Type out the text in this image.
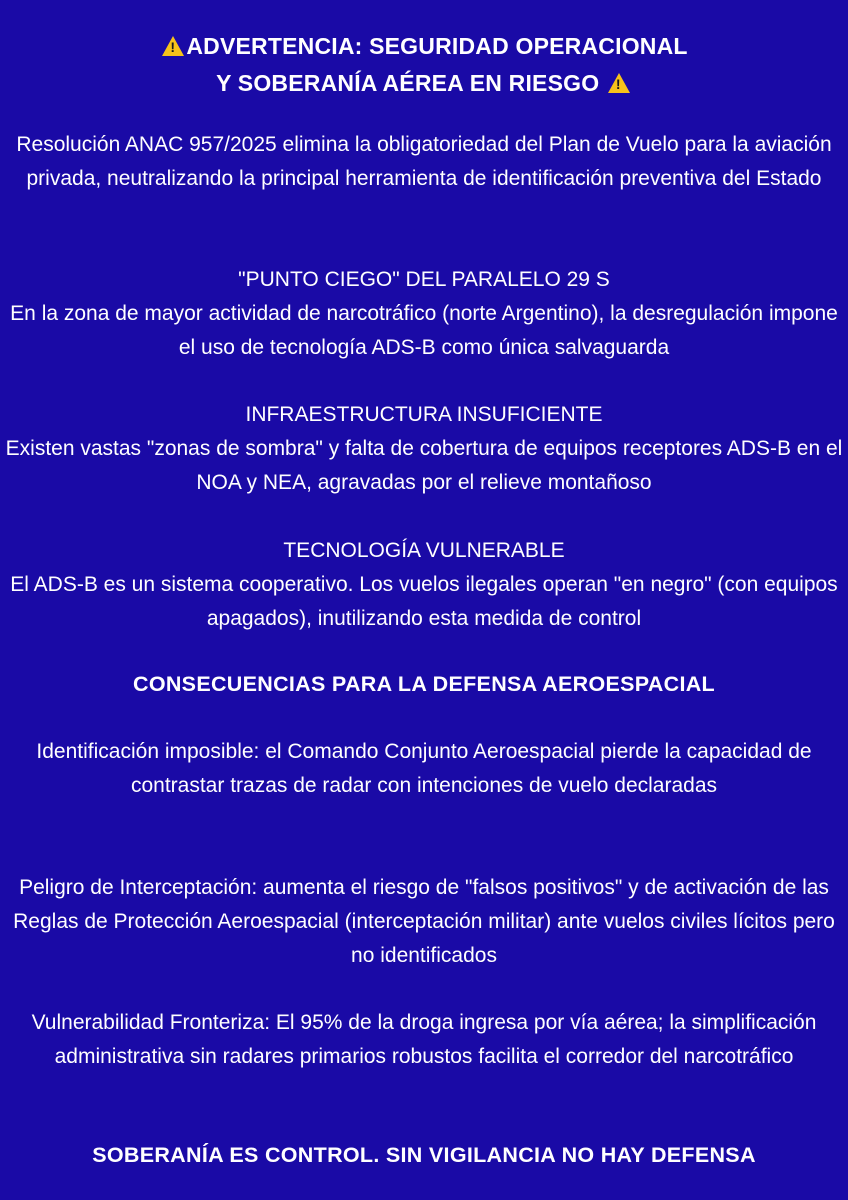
!ADVERTENCIA: SEGURIDAD OPERACIONAL
Y SOBERANÍA AÉREA EN RIESGO !

Resolución ANAC 957/2025 elimina la obligatoriedad del Plan de Vuelo para la aviación privada, neutralizando la principal herramienta de identificación preventiva del Estado

"PUNTO CIEGO" DEL PARALELO 29 S
En la zona de mayor actividad de narcotráfico (norte Argentino), la desregulación impone el uso de tecnología ADS-B como única salvaguarda

INFRAESTRUCTURA INSUFICIENTE
Existen vastas "zonas de sombra" y falta de cobertura de equipos receptores ADS-B en el NOA y NEA, agravadas por el relieve montañoso

TECNOLOGÍA VULNERABLE
El ADS-B es un sistema cooperativo. Los vuelos ilegales operan "en negro" (con equipos apagados), inutilizando esta medida de control

CONSECUENCIAS PARA LA DEFENSA AEROESPACIAL

Identificación imposible: el Comando Conjunto Aeroespacial pierde la capacidad de contrastar trazas de radar con intenciones de vuelo declaradas

Peligro de Interceptación: aumenta el riesgo de "falsos positivos" y de activación de las Reglas de Protección Aeroespacial (interceptación militar) ante vuelos civiles lícitos pero no identificados

Vulnerabilidad Fronteriza: El 95% de la droga ingresa por vía aérea; la simplificación administrativa sin radares primarios robustos facilita el corredor del narcotráfico

SOBERANÍA ES CONTROL. SIN VIGILANCIA NO HAY DEFENSA
